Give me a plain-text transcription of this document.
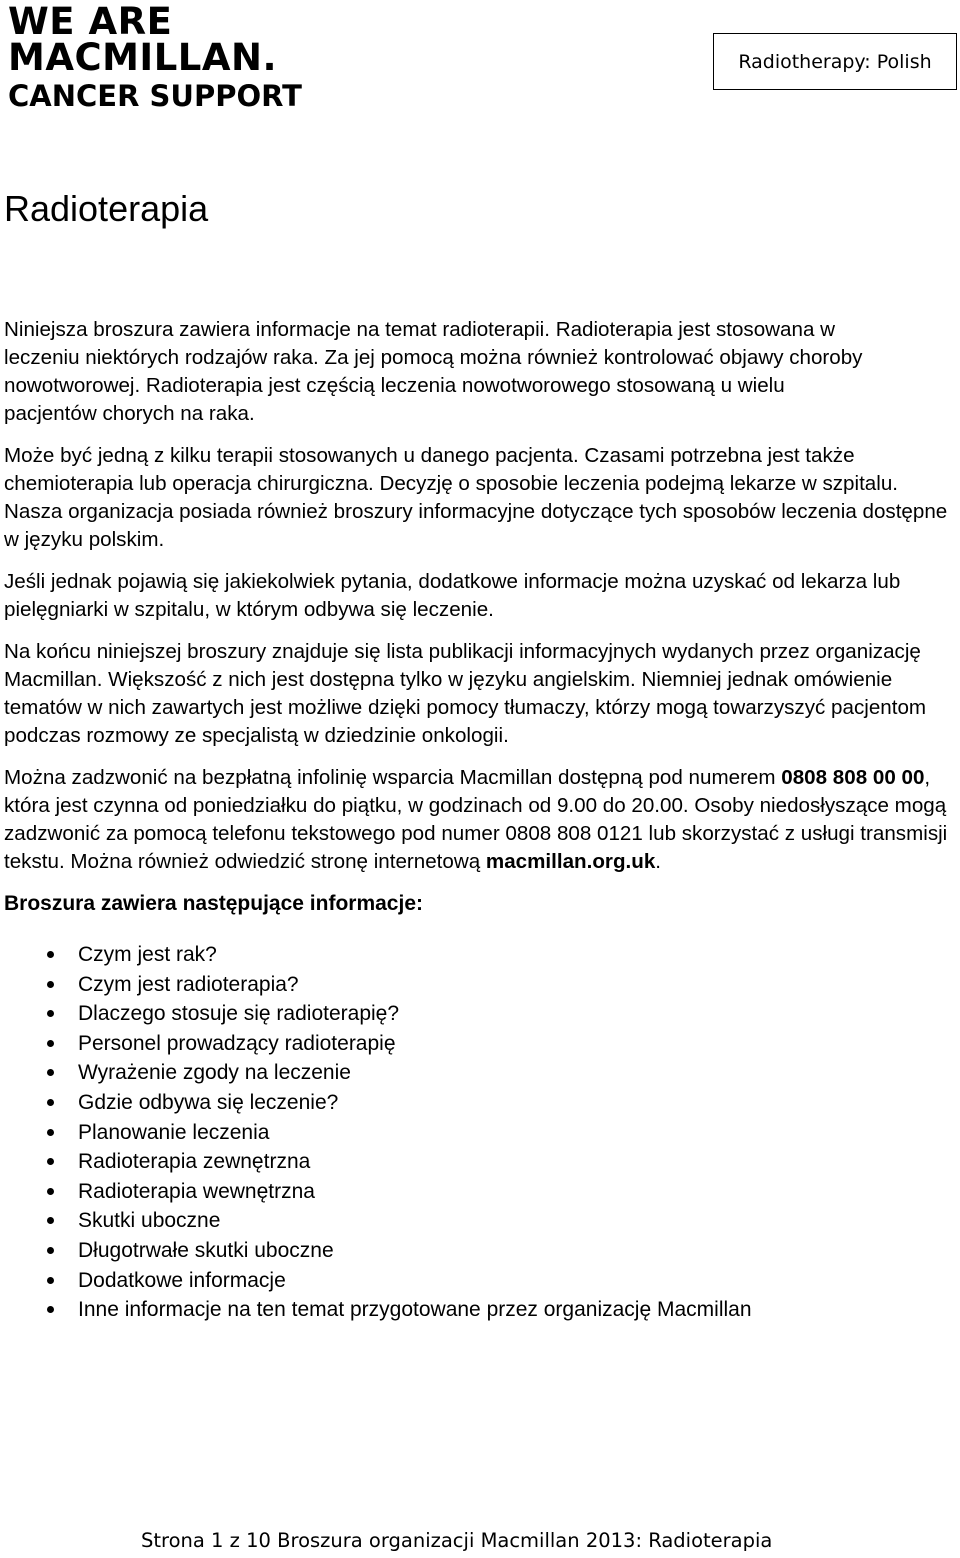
WE ARE
MACMILLAN.
CANCER SUPPORT
Radiotherapy: Polish
Radioterapia

Niniejsza broszura zawiera informacje na temat radioterapii. Radioterapia jest stosowana w leczeniu niektórych rodzajów raka. Za jej pomocą można również kontrolować objawy choroby nowotworowej. Radioterapia jest częścią leczenia nowotworowego stosowaną u wielu pacjentów chorych na raka.

Może być jedną z kilku terapii stosowanych u danego pacjenta. Czasami potrzebna jest także chemioterapia lub operacja chirurgiczna. Decyzję o sposobie leczenia podejmą lekarze w szpitalu. Nasza organizacja posiada również broszury informacyjne dotyczące tych sposobów leczenia dostępne w języku polskim.

Jeśli jednak pojawią się jakiekolwiek pytania, dodatkowe informacje można uzyskać od lekarza lub pielęgniarki w szpitalu, w którym odbywa się leczenie.

Na końcu niniejszej broszury znajduje się lista publikacji informacyjnych wydanych przez organizację Macmillan. Większość z nich jest dostępna tylko w języku angielskim. Niemniej jednak omówienie tematów w nich zawartych jest możliwe dzięki pomocy tłumaczy, którzy mogą towarzyszyć pacjentom podczas rozmowy ze specjalistą w dziedzinie onkologii.

Można zadzwonić na bezpłatną infolinię wsparcia Macmillan dostępną pod numerem 0808 808 00 00, która jest czynna od poniedziałku do piątku, w godzinach od 9.00 do 20.00. Osoby niedosłyszące mogą zadzwonić za pomocą telefonu tekstowego pod numer 0808 808 0121 lub skorzystać z usługi transmisji tekstu. Można również odwiedzić stronę internetową macmillan.org.uk.

Broszura zawiera następujące informacje:
Czym jest rak?
Czym jest radioterapia?
Dlaczego stosuje się radioterapię?
Personel prowadzący radioterapię
Wyrażenie zgody na leczenie
Gdzie odbywa się leczenie?
Planowanie leczenia
Radioterapia zewnętrzna
Radioterapia wewnętrzna
Skutki uboczne
Długotrwałe skutki uboczne
Dodatkowe informacje
Inne informacje na ten temat przygotowane przez organizację Macmillan
Strona 1 z 10 Broszura organizacji Macmillan 2013: Radioterapia
